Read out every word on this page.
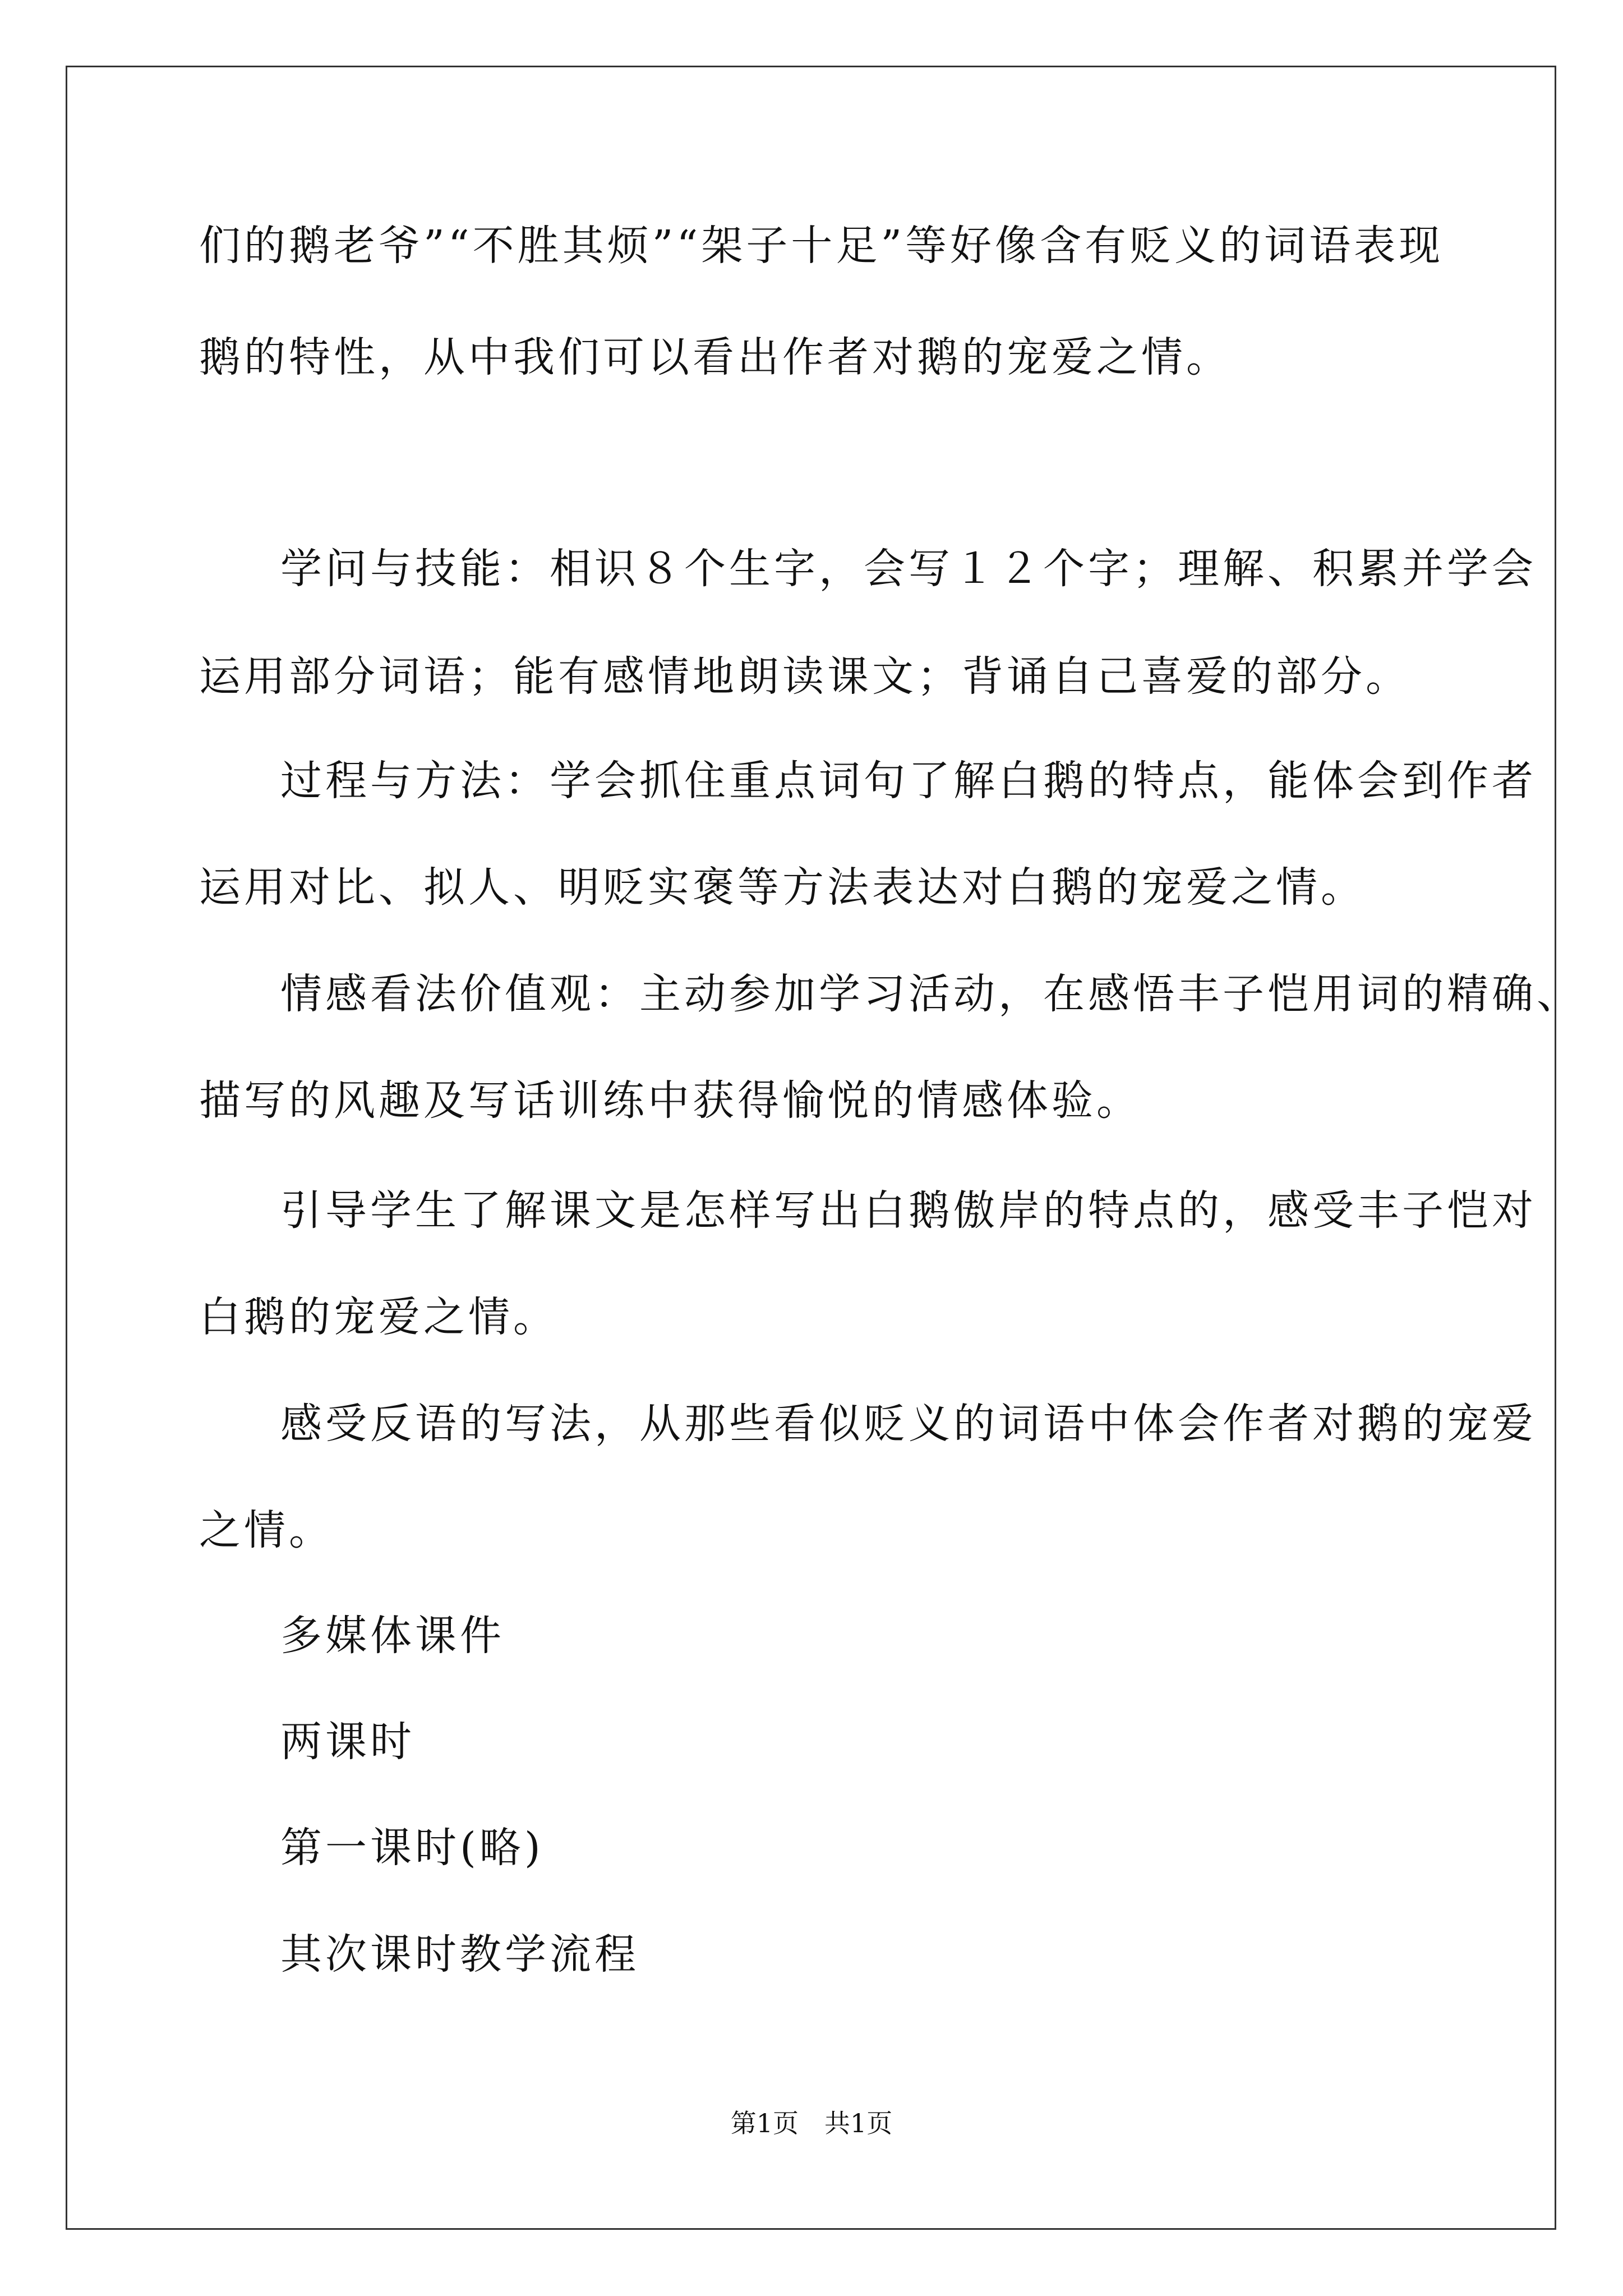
们的鹅老爷”“不胜其烦”“架子十足”等好像含有贬义的词语表现
鹅的特性，从中我们可以看出作者对鹅的宠爱之情。
学问与技能：相识８个生字，会写１２个字；理解、积累并学会
运用部分词语；能有感情地朗读课文；背诵自己喜爱的部分。
过程与方法：学会抓住重点词句了解白鹅的特点，能体会到作者
运用对比、拟人、明贬实褒等方法表达对白鹅的宠爱之情。
情感看法价值观：主动参加学习活动，在感悟丰子恺用词的精确、
描写的风趣及写话训练中获得愉悦的情感体验。
引导学生了解课文是怎样写出白鹅傲岸的特点的，感受丰子恺对
白鹅的宠爱之情。
感受反语的写法，从那些看似贬义的词语中体会作者对鹅的宠爱
之情。
多媒体课件
两课时
第一课时(略)
其次课时教学流程
第1页　共1页
